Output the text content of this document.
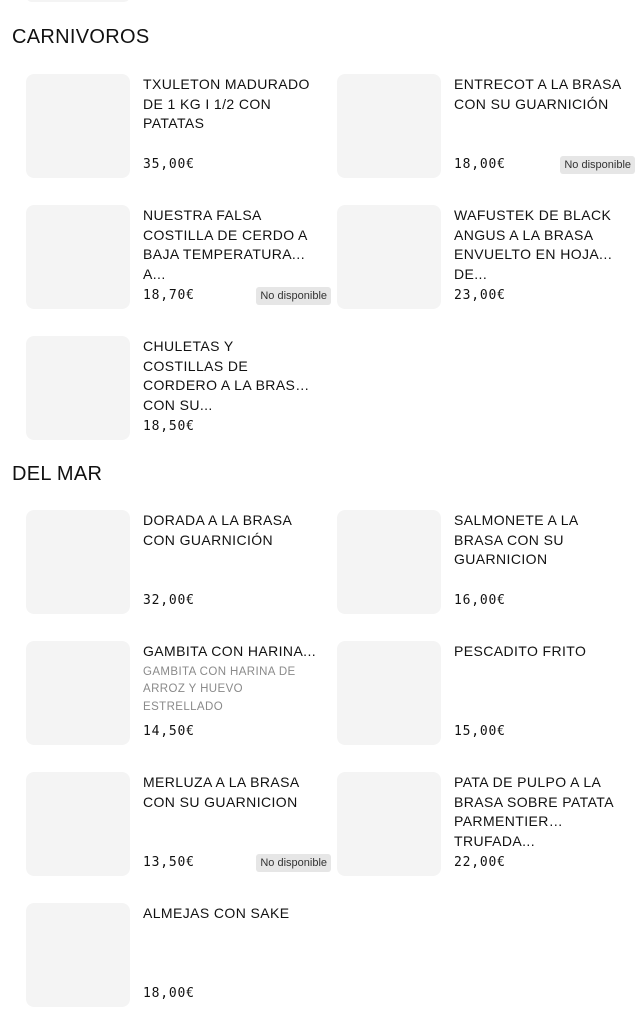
CARNIVOROS

TXULETON MADURADO DE 1 KG I 1/2 CON PATATAS

35,00€

ENTRECOT A LA BRASA CON SU GUARNICIÓN

18,00€	No disponible

NUESTRA FALSA COSTILLA DE CERDO A BAJA TEMPERATURA A...

18,70€	No disponible

WAFUSTEK DE BLACK ANGUS A LA BRASA ENVUELTO EN HOJA DE...

23,00€

CHULETAS Y COSTILLAS DE CORDERO A LA BRASA CON SU...

18,50€
DEL MAR

DORADA A LA BRASA CON GUARNICIÓN

32,00€

SALMONETE A LA BRASA CON SU GUARNICION

16,00€

GAMBITA CON HARINA...

GAMBITA CON HARINA DE ARROZ Y HUEVO ESTRELLADO

14,50€

PESCADITO FRITO

15,00€

MERLUZA A LA BRASA CON SU GUARNICION

13,50€	No disponible

PATA DE PULPO A LA BRASA SOBRE PATATA PARMENTIER TRUFADA...

22,00€

ALMEJAS CON SAKE

18,00€
